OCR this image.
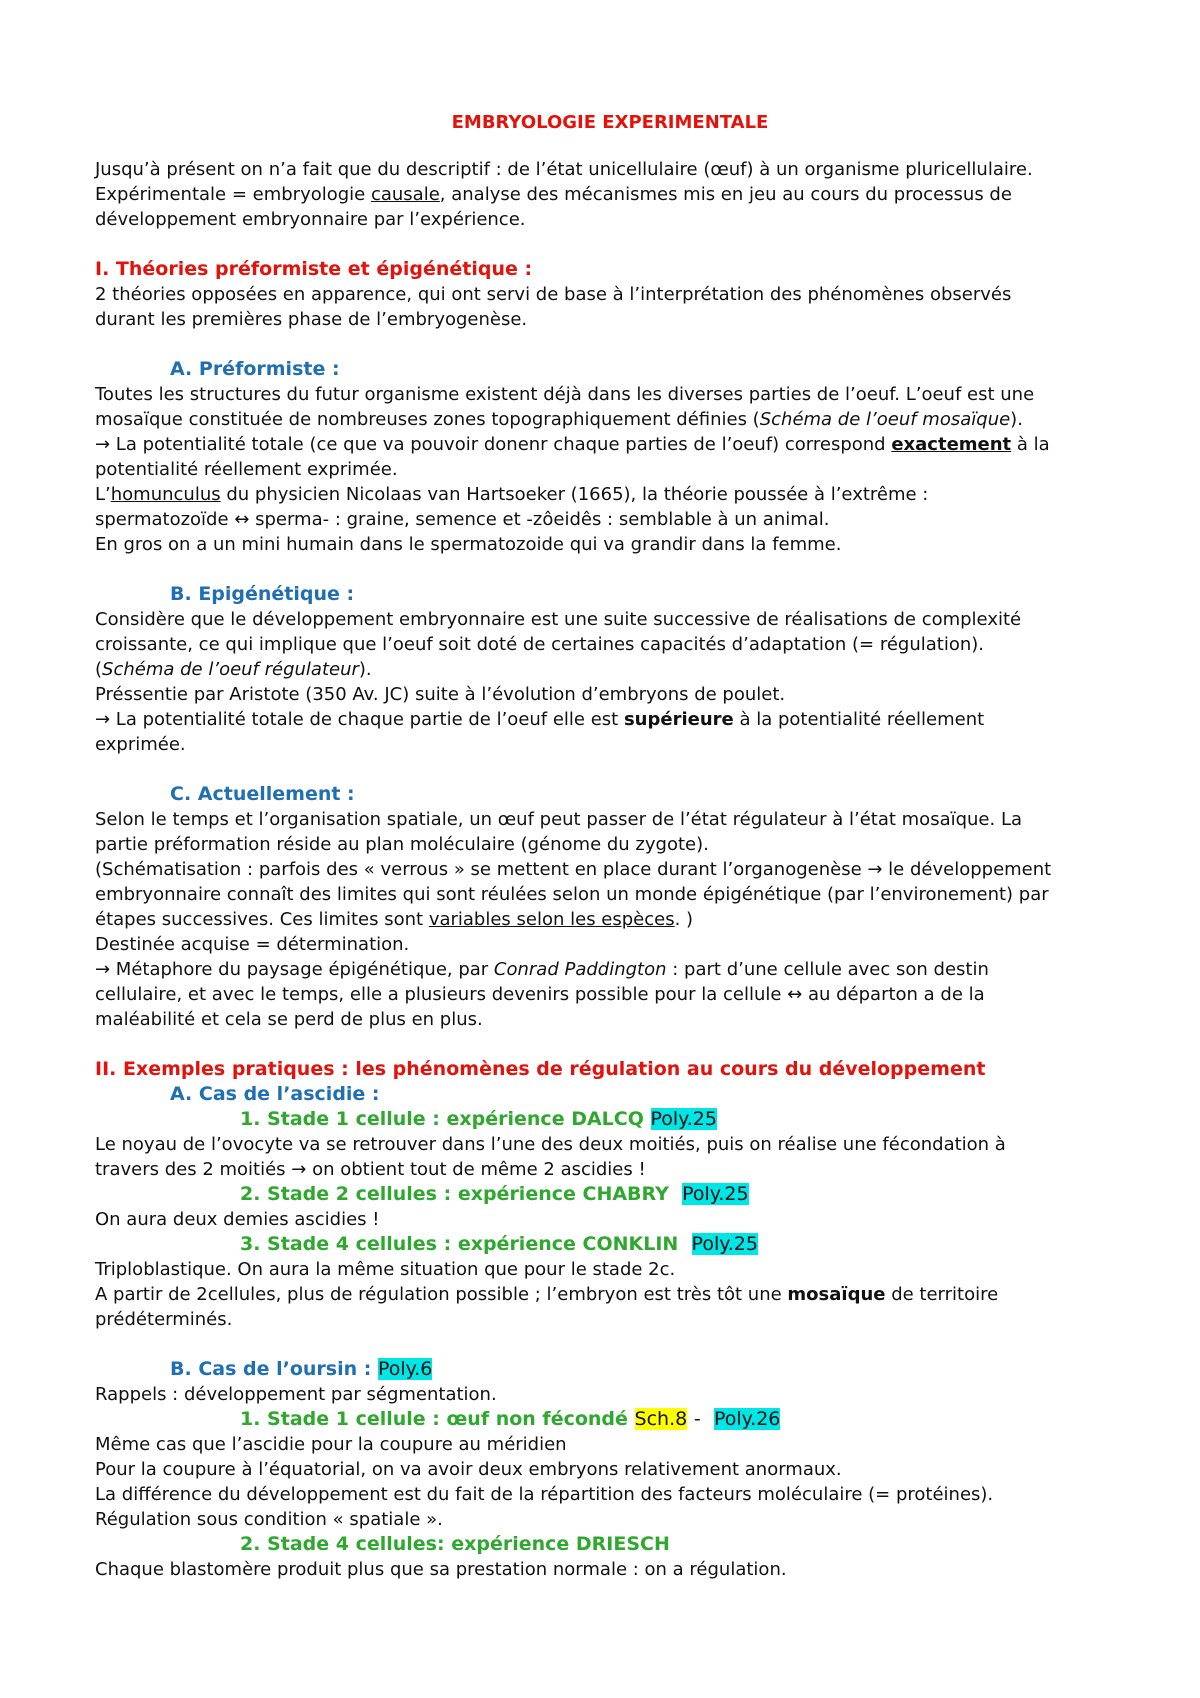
EMBRYOLOGIE EXPERIMENTALE

Jusqu’à présent on n’a fait que du descriptif : de l’état unicellulaire (œuf) à un organisme pluricellulaire.

Expérimentale = embryologie causale, analyse des mécanismes mis en jeu au cours du processus de

développement embryonnaire par l’expérience.

I. Théories préformiste et épigénétique :

2 théories opposées en apparence, qui ont servi de base à l’interprétation des phénomènes observés

durant les premières phase de l’embryogenèse.

A. Préformiste :

Toutes les structures du futur organisme existent déjà dans les diverses parties de l’oeuf. L’oeuf est une

mosaïque constituée de nombreuses zones topographiquement définies (Schéma de l’oeuf mosaïque).

→ La potentialité totale (ce que va pouvoir donenr chaque parties de l’oeuf) correspond exactement à la

potentialité réellement exprimée.

L’homunculus du physicien Nicolaas van Hartsoeker (1665), la théorie poussée à l’extrême :

spermatozoïde ↔ sperma- : graine, semence et -zôeidês : semblable à un animal.

En gros on a un mini humain dans le spermatozoide qui va grandir dans la femme.

B. Epigénétique :

Considère que le développement embryonnaire est une suite successive de réalisations de complexité

croissante, ce qui implique que l’oeuf soit doté de certaines capacités d’adaptation (= régulation).

(Schéma de l’oeuf régulateur).

Préssentie par Aristote (350 Av. JC) suite à l’évolution d’embryons de poulet.

→ La potentialité totale de chaque partie de l’oeuf elle est supérieure à la potentialité réellement

exprimée.

C. Actuellement :

Selon le temps et l’organisation spatiale, un œuf peut passer de l’état régulateur à l’état mosaïque. La

partie préformation réside au plan moléculaire (génome du zygote).

(Schématisation : parfois des « verrous » se mettent en place durant l’organogenèse → le développement

embryonnaire connaît des limites qui sont réulées selon un monde épigénétique (par l’environement) par

étapes successives. Ces limites sont variables selon les espèces. )

Destinée acquise = détermination.

→ Métaphore du paysage épigénétique, par Conrad Paddington : part d’une cellule avec son destin

cellulaire, et avec le temps, elle a plusieurs devenirs possible pour la cellule ↔ au départon a de la

maléabilité et cela se perd de plus en plus.

II. Exemples pratiques : les phénomènes de régulation au cours du développement

A. Cas de l’ascidie :

1. Stade 1 cellule : expérience DALCQ Poly.25

Le noyau de l’ovocyte va se retrouver dans l’une des deux moitiés, puis on réalise une fécondation à

travers des 2 moitiés → on obtient tout de même 2 ascidies !

2. Stade 2 cellules : expérience CHABRY Poly.25

On aura deux demies ascidies !

3. Stade 4 cellules : expérience CONKLIN Poly.25

Triploblastique. On aura la même situation que pour le stade 2c.

A partir de 2cellules, plus de régulation possible ; l’embryon est très tôt une mosaïque de territoire

prédéterminés.

B. Cas de l’oursin : Poly.6

Rappels : développement par ségmentation.

1. Stade 1 cellule : œuf non fécondé Sch.8 - Poly.26

Même cas que l’ascidie pour la coupure au méridien

Pour la coupure à l’équatorial, on va avoir deux embryons relativement anormaux.

La différence du développement est du fait de la répartition des facteurs moléculaire (= protéines).

Régulation sous condition « spatiale ».

2. Stade 4 cellules: expérience DRIESCH

Chaque blastomère produit plus que sa prestation normale : on a régulation.
